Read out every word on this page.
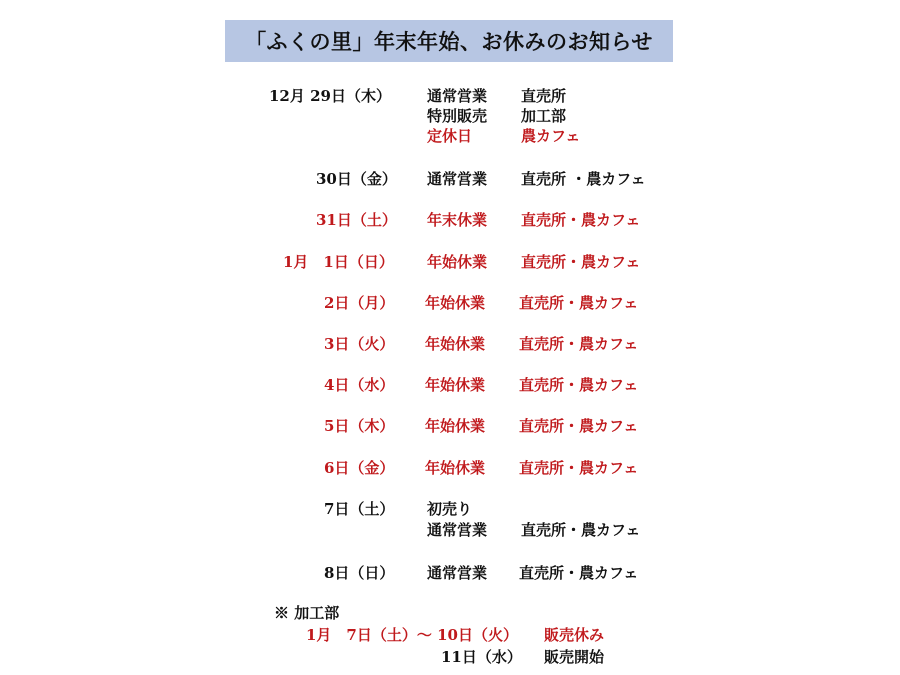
「ふくの里」年末年始、お休みのお知らせ
12月 29日（木） 通常営業 直売所
特別販売 加工部
定休日	農カフェ
30日（金） 通常営業 直売所 ・農カフェ
31日（土） 年末休業 直売所・農カフェ
1月　1日（日） 年始休業 直売所・農カフェ
2日（月） 年始休業 直売所・農カフェ
3日（火） 年始休業 直売所・農カフェ
4日（水） 年始休業 直売所・農カフェ
5日（木） 年始休業 直売所・農カフェ
6日（金） 年始休業 直売所・農カフェ
7日（土） 初売り
通常営業 直売所・農カフェ
8日（日） 通常営業 直売所・農カフェ
※ 加工部
1月　7日（土）～ 10日（火） 販売休み
11日（水） 販売開始
